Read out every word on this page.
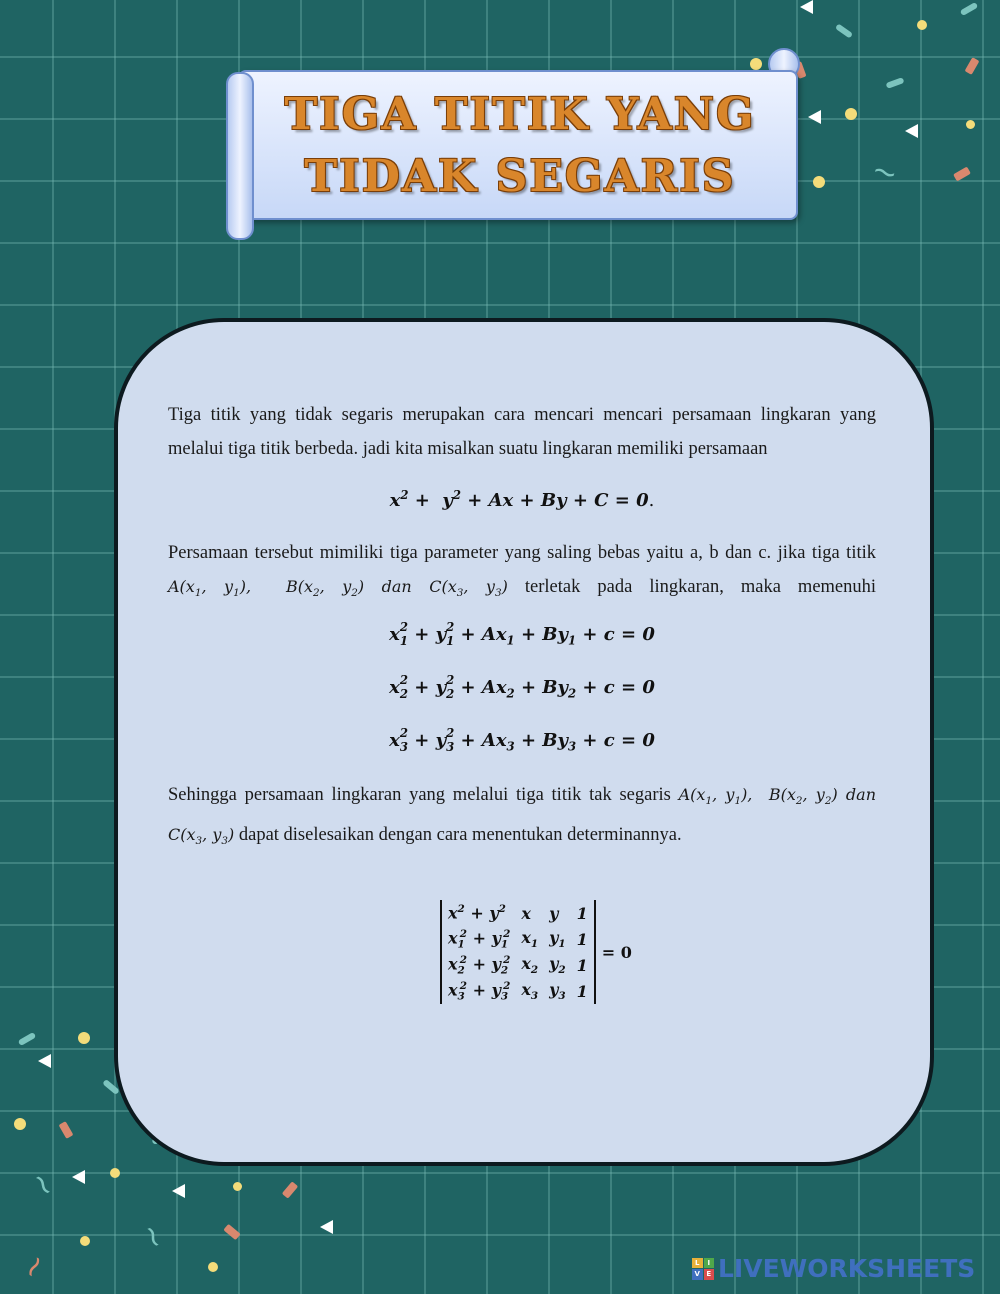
~
~
~
~
TIGA TITIK YANG
TIDAK SEGARIS
Tiga titik yang tidak segaris merupakan cara mencari mencari persamaan lingkaran yang melalui tiga titik berbeda. jadi kita misalkan suatu lingkaran memiliki persamaan
$x^2 + y^2 + Ax + By + C = 0$.
Persamaan tersebut mimiliki tiga parameter yang saling bebas yaitu a, b dan c. jika tiga titik $A(x_1$, $y_1$),  $B(x_2$, $y_2$) dan $C(x_3$, $y_3$) terletak pada lingkaran, maka memenuhi
x $_{2 1}$ + y $_{2 1} + Ax_1 + By_1 + c = 0$
x $_{2 2}$ + y $_{2 2} + Ax_2 + By_2 + c = 0$
x $_{2 3}$ + y $_{2 3} + Ax_3 + By_3 + c = 0$
Sehingga persamaan lingkaran yang melalui tiga titik tak segaris $A(x_1$, $y_1$),  $B(x_2$, $y_2$) dan $C(x_3$, $y_3$) dapat diselesaikan dengan cara menentukan determinannya.
$x^2 + y^2$	x	y	1
$x_1^2 + y_1^2$	$x_1$	$y_1$	1
$x_2^2 + y_2^2$	$x_2$	$y_2$	1
$x_3^2 + y_3^2$	$x_3$	$y_3$	1
= 0
L	I
V E LIVEWORKSHEETS
